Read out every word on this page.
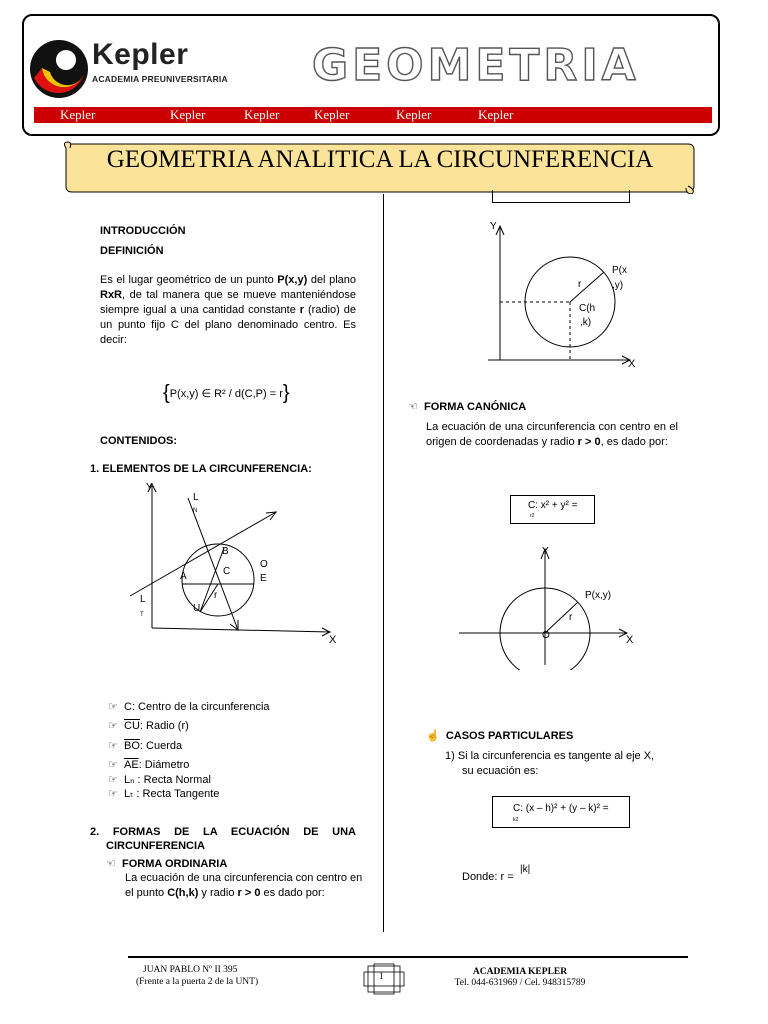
Kepler
ACADEMIA PREUNIVERSITARIA GEOMETRIA
Kepler	Kepler	Kepler	Kepler	Kepler	Kepler
GEOMETRIA ANALITICA LA CIRCUNFERENCIA
INTRODUCCIÓN
DEFINICIÓN
Es el lugar geométrico de un punto P(x,y) del plano RxR, de tal manera que se mueve manteniéndose siempre igual a una cantidad constante r (radio) de un punto fijo C del plano denominado centro. Es decir:
{P(x,y) ∈ R² / d(C,P) = r}
CONTENIDOS:
1. ELEMENTOS DE LA CIRCUNFERENCIA:
Y
X
L
N
L
T
B
O
E
A	C
r
U
☞ C: Centro de la circunferencia
☞ $\overline{CU}$: Radio (r)
☞ $\overline{BO}$: Cuerda
☞ $\overline{AE}$: Diámetro
☞ Lₙ : Recta Normal
☞ Lₜ : Recta Tangente
2. FORMAS DE LA ECUACIÓN DE UNA
CIRCUNFERENCIA
☜ FORMA ORDINARIA
La ecuación de una circunferencia con centro en el punto C(h,k) y radio r > 0 es dado por:
Y
X
P(x
,y)
r
C(h
,k)
☜ FORMA CANÓNICA
La ecuación de una circunferencia con centro en el origen de coordenadas y radio r > 0, es dado por:
C: x² + y² =
r2
Y
X
P(x,y)
r
O
☝ CASOS PARTICULARES
1) Si la circunferencia es tangente al eje X,
su ecuación es:
C: (x – h)² + (y – k)² =
k2
Donde: r =
|k|
JUAN PABLO Nº II 395
(Frente a la puerta 2 de la UNT)
1	ACADEMIA KEPLER
Tel. 044-631969 / Cel. 948315789
